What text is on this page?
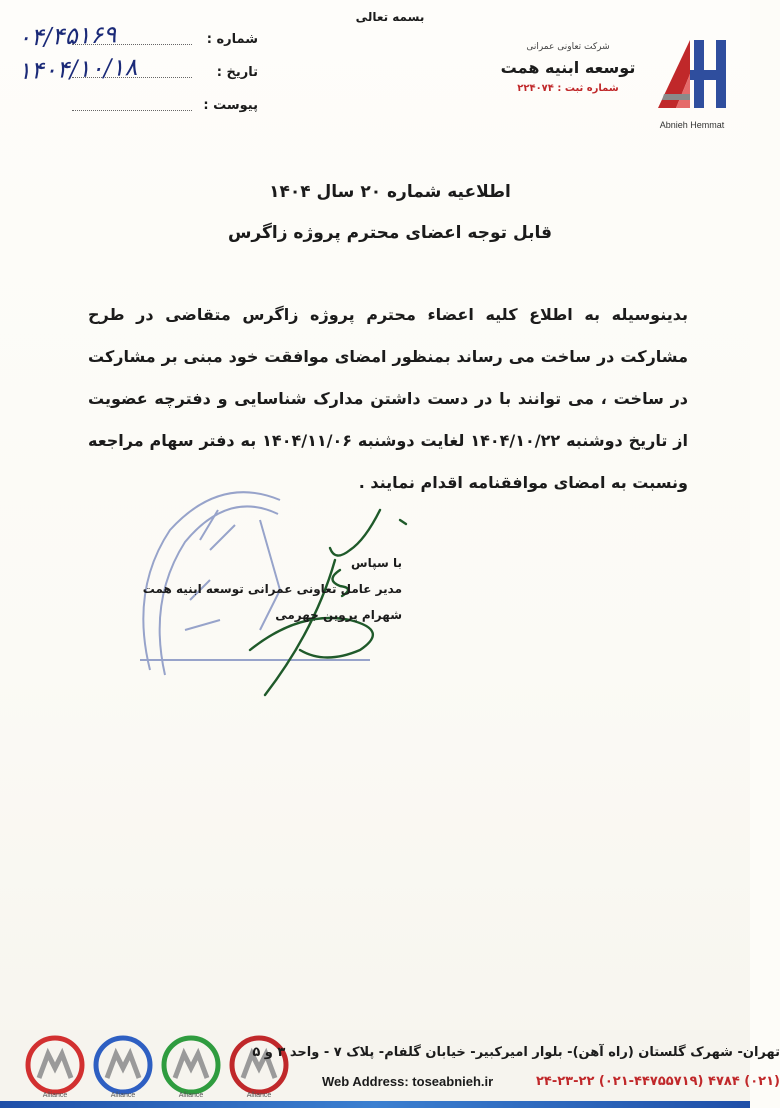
بسمه تعالی
شماره :
۰۴/۴۵۱۶۹
تاریخ :
۱۴۰۴/۱۰/۱۸
پیوست :
شرکت تعاونی عمرانی
توسعه ابنیه همت
شماره ثبت : ۲۲۴۰۷۴
Abnieh Hemmat
اطلاعیه شماره ۲۰ سال ۱۴۰۴
قابل توجه اعضای محترم پروژه زاگرس
بدینوسیله به اطلاع کلیه اعضاء محترم پروژه زاگرس متقاضی در طرح مشارکت در ساخت می رساند بمنظور امضای موافقت خود مبنی بر مشارکت در ساخت ، می توانند با در دست داشتن مدارک شناسایی و دفترچه عضویت از تاریخ دوشنبه ۱۴۰۴/۱۰/۲۲ لغایت دوشنبه ۱۴۰۴/۱۱/۰۶ به دفتر سهام مراجعه ونسبت به امضای موافقنامه اقدام نمایند .
با سپاس
مدیر عامل تعاونی عمرانی توسعه ابنیه همت
شهرام پروین جهرمی
Alliance	Alliance	Alliance	Alliance
تهران- شهرک گلستان (راه آهن)- بلوار امیرکبیر- خیابان گلفام- پلاک ۷ - واحد ۳ و ۵
Web Address: toseabnieh.ir	(۰۲۱) ۴۷۸۴ (۰۲۱-۴۴۷۵۵۷۱۹) ۲۴-۲۳-۲۲
